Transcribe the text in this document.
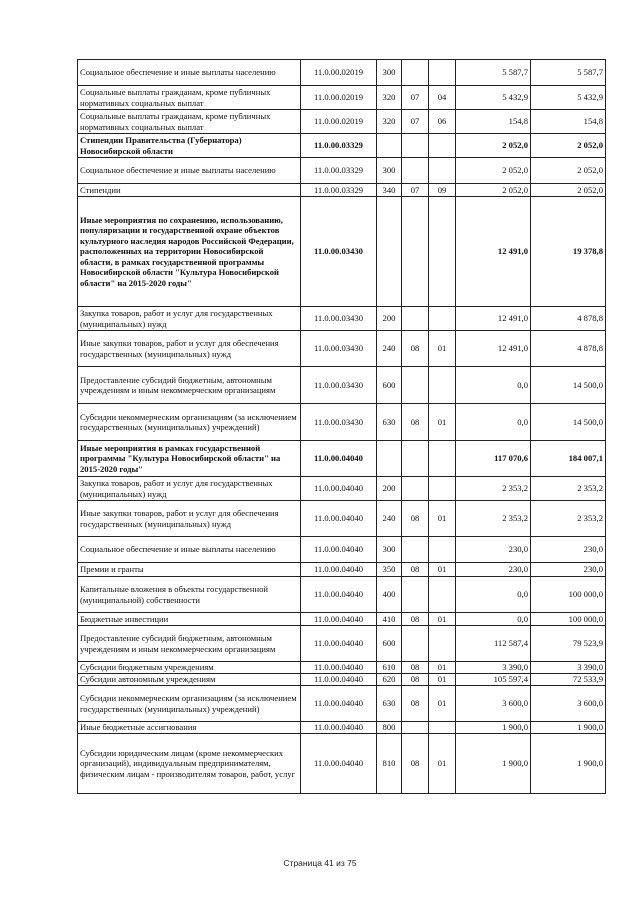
Социальное обеспечение и иные выплаты населению	11.0.00.02019	300			5 587,7	5 587,7
Социальные выплаты гражданам, кроме публичных нормативных социальных выплат	11.0.00.02019	320	07	04	5 432,9	5 432,9
Социальные выплаты гражданам, кроме публичных нормативных социальных выплат	11.0.00.02019	320	07	06	154,8	154,8
Стипендии Правительства (Губернатора) Новосибирской области	11.0.00.03329				2 052,0	2 052,0
Социальное обеспечение и иные выплаты населению	11.0.00.03329	300			2 052,0	2 052,0
Стипендии	11.0.00.03329	340	07	09	2 052,0	2 052,0
Иные мероприятия по сохранению, использованию, популяризации и государственной охране объектов культурного наследия народов Российской Федерации, расположенных на территории Новосибирской области, в рамках государственной программы Новосибирской области "Культура Новосибирской области" на 2015-2020 годы"	11.0.00.03430				12 491,0	19 378,8
Закупка товаров, работ и услуг для государственных (муниципальных) нужд	11.0.00.03430	200			12 491,0	4 878,8
Иные закупки товаров, работ и услуг для обеспечения государственных (муниципальных) нужд	11.0.00.03430	240	08	01	12 491,0	4 878,8
Предоставление субсидий бюджетным, автономным учреждениям и иным некоммерческим организациям	11.0.00.03430	600			0,0	14 500,0
Субсидии некоммерческим организациям (за исключением государственных (муниципальных) учреждений)	11.0.00.03430	630	08	01	0,0	14 500,0
Иные мероприятия в рамках государственной программы "Культура Новосибирской области" на 2015-2020 годы"	11.0.00.04040				117 070,6	184 007,1
Закупка товаров, работ и услуг для государственных (муниципальных) нужд	11.0.00.04040	200			2 353,2	2 353,2
Иные закупки товаров, работ и услуг для обеспечения государственных (муниципальных) нужд	11.0.00.04040	240	08	01	2 353,2	2 353,2
Социальное обеспечение и иные выплаты населению	11.0.00.04040	300			230,0	230,0
Премии и гранты	11.0.00.04040	350	08	01	230,0	230,0
Капитальные вложения в объекты государственной (муниципальной) собственности	11.0.00.04040	400			0,0	100 000,0
Бюджетные инвестиции	11.0.00.04040	410	08	01	0,0	100 000,0
Предоставление субсидий бюджетным, автономным учреждениям и иным некоммерческим организациям	11.0.00.04040	600			112 587,4	79 523,9
Субсидии бюджетным учреждениям	11.0.00.04040	610	08	01	3 390,0	3 390,0
Субсидии автономным учреждениям	11.0.00.04040	620	08	01	105 597,4	72 533,9
Субсидии некоммерческим организациям (за исключением государственных (муниципальных) учреждений)	11.0.00.04040	630	08	01	3 600,0	3 600,0
Иные бюджетные ассигнования	11.0.00.04040	800			1 900,0	1 900,0
Субсидии юридическим лицам (кроме некоммерческих организаций), индивидуальным предпринимателям, физическим лицам - производителям товаров, работ, услуг	11.0.00.04040	810	08	01	1 900,0	1 900,0
Страница 41 из 75
